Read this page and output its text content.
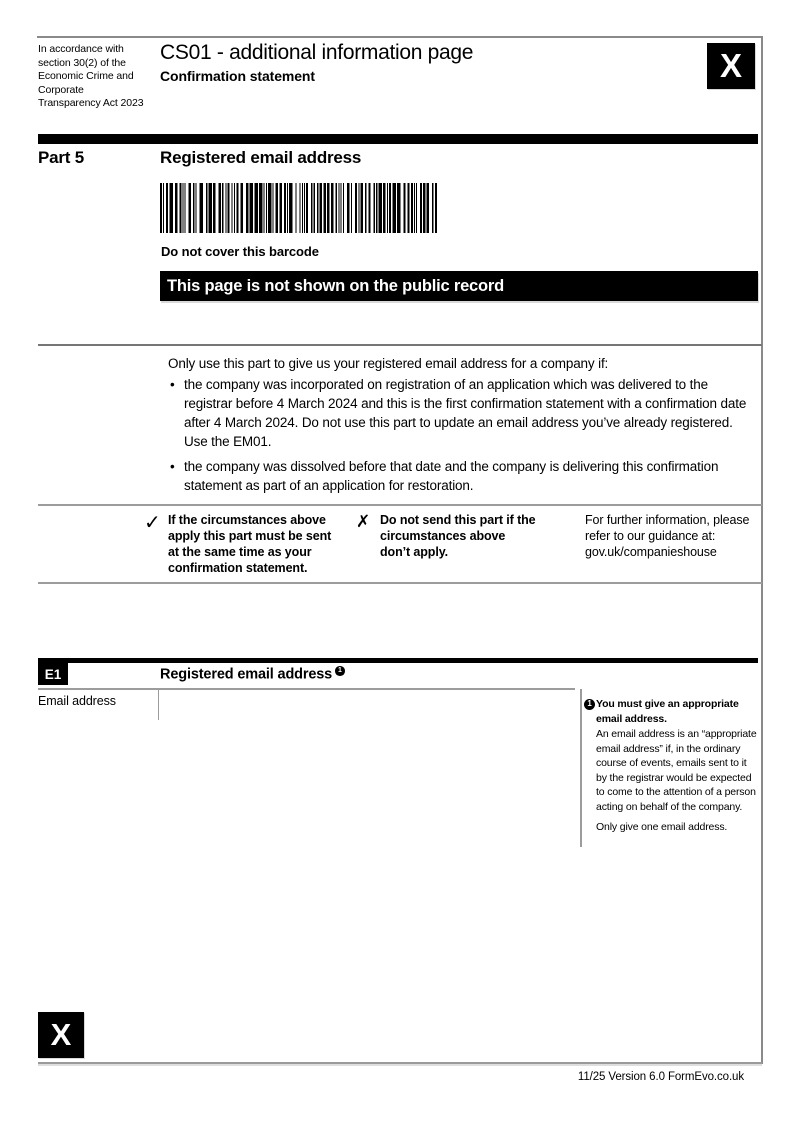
In accordance with section 30(2) of the Economic Crime and Corporate Transparency Act 2023
CS01 - additional information page
Confirmation statement	X
Part 5	Registered email address
Do not cover this barcode
This page is not shown on the public record
Only use this part to give us your registered email address for a company if:
• the company was incorporated on registration of an application which was delivered to the registrar before 4 March 2024 and this is the first confirmation statement with a confirmation date after 4 March 2024. Do not use this part to update an email address you’ve already registered. Use the EM01.
• the company was dissolved before that date and the company is delivering this confirmation statement as part of an application for restoration.
✓ If the circumstances above apply this part must be sent at the same time as your confirmation statement.
✗ Do not send this part if the circumstances above don’t apply.
For further information, please refer to our guidance at: gov.uk/companieshouse
E1	Registered email address 1
Email address	1 You must give an appropriate email address.
An email address is an “appropriate email address” if, in the ordinary course of events, emails sent to it by the registrar would be expected to come to the attention of a person acting on behalf of the company.
Only give one email address.
X
11/25 Version 6.0 FormEvo.co.uk
